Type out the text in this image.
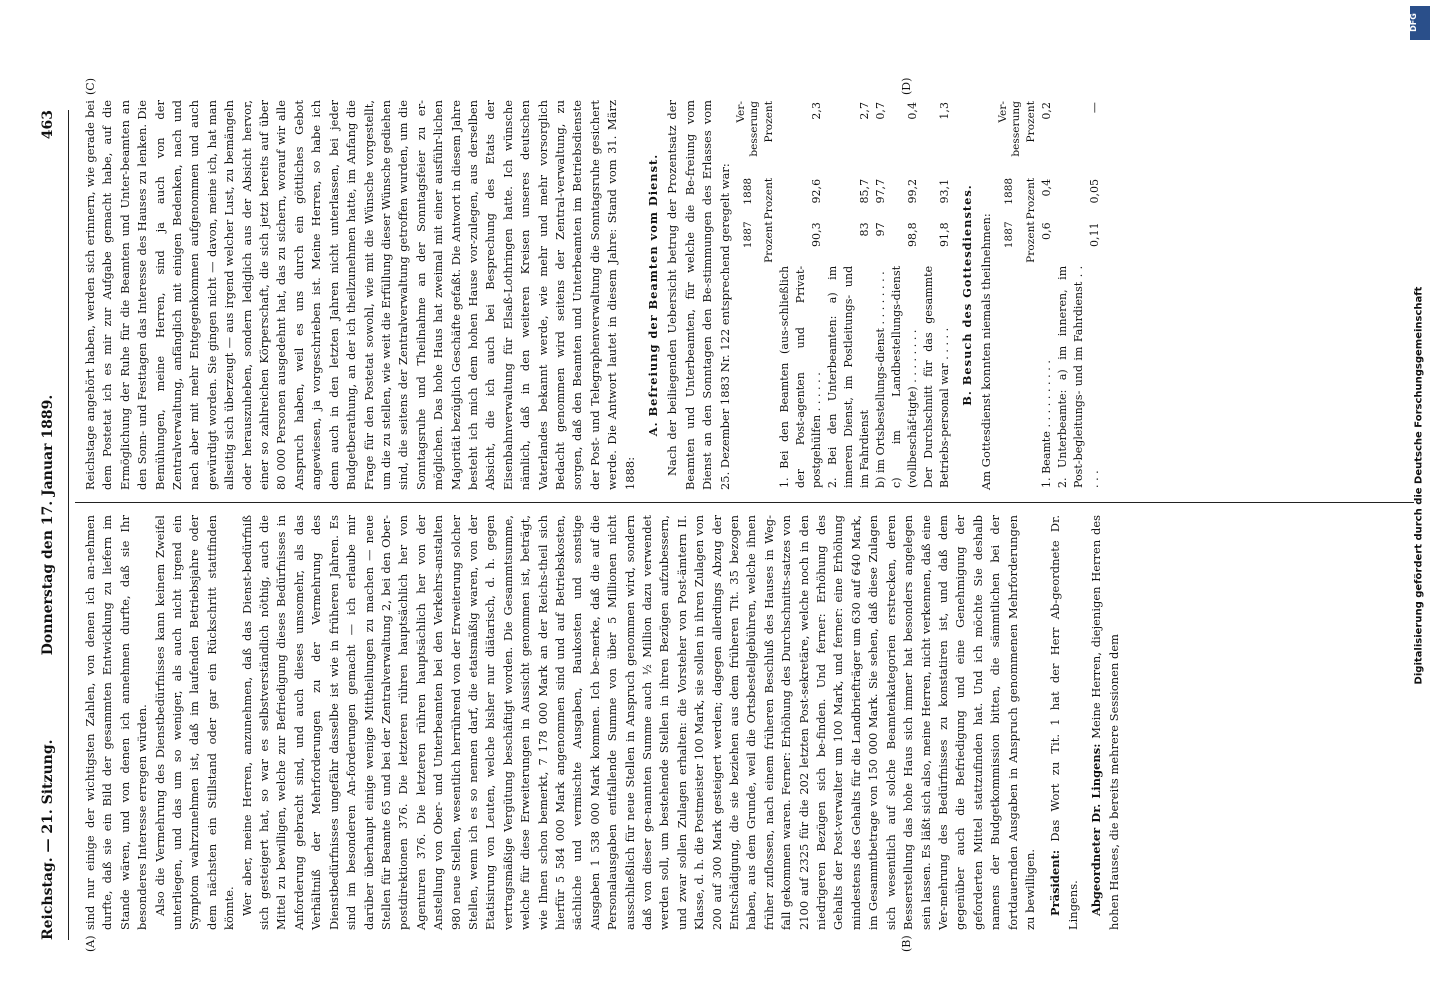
Reichstag. — 21. Sitzung.
Donnerstag den 17. Januar 1889.
463
(A)	(B)
(C)	(D)

sind nur einige der wichtigsten Zahlen, von denen ich an-nehmen durfte, daß sie ein Bild der gesammten Entwicklung zu liefern im Stande wären, und von denen ich annehmen durfte, daß sie Ihr besonderes Interesse erregen würden. Also die Vermehrung des Dienstbedürfnisses kann keinem Zweifel unterliegen, und das um so weniger, als auch nicht irgend ein Symptom wahrzunehmen ist, daß im laufenden Betriebsjahre oder dem nächsten ein Stillstand oder gar ein Rückschritt stattfinden könnte. Wer aber, meine Herren, anzunehmen, daß das Dienst-bedürfniß sich gesteigert hat, so war es selbstverständlich nöthig, auch die Mittel zu bewilligen, welche zur Befriedigung dieses Bedürfnisses in Anforderung gebracht sind, und auch dieses umsomehr, als das Verhältniß der Mehrforderungen zu der Vermehrung des Dienstbedürfnisses ungefähr dasselbe ist wie in früheren Jahren. Es sind im besonderen An-forderungen gemacht — ich erlaube mir darüber überhaupt einige wenige Mittheilungen zu machen — neue Stellen für Beamte 65 und bei der Zentralverwaltung 2, bei den Ober-postdirektionen 376. Die letzteren rühren hauptsächlich her von Agenturen 376. Die letzteren rühren hauptsächlich her von der Anstellung von Ober- und Unterbeamten bei den Verkehrs-anstalten 980 neue Stellen, wesentlich herrührend von der Erweiterung solcher Stellen, wenn ich es so nennen darf, die etatsmäßig waren, von der Etatisirung von Leuten, welche bisher nur diätarisch, d. h. gegen vertragsmäßige Vergütung beschäftigt worden. Die Gesammtsumme, welche für diese Erweiterungen in Aussicht genommen ist, beträgt, wie Ihnen schon bemerkt, 7 178 000 Mark an der Reichs-theil sich hierfür 5 584 000 Mark angenommen sind und auf Betriebskosten, sächliche und vermischte Ausgaben, Baukosten und sonstige Ausgaben 1 538 000 Mark kommen. Ich be-merke, daß die auf die Personalausgaben entfallende Summe von über 5 Millionen nicht ausschließlich für neue Stellen in Anspruch genommen wird, sondern daß von dieser ge-nannten Summe auch ½ Million dazu verwendet werden soll, um bestehende Stellen in ihren Bezügen aufzubessern, und zwar sollen Zulagen erhalten: die Vorsteher von Post-ämtern II. Klasse, d. h. die Postmeister 100 Mark, sie sollen in ihren Zulagen von 200 auf 300 Mark gesteigert werden; dagegen allerdings Abzug der Entschädigung, die sie beziehen aus dem früheren Tit. 35 bezogen haben, aus dem Grunde, weil die Ortsbestellgebühren, welche ihnen früher zuflossen, nach einem früheren Beschluß des Hauses in Weg-fall gekommen waren. Ferner: Erhöhung des Durchschnitts-satzes von 2100 auf 2325 für die 202 letzten Post-sekretäre, welche noch in den niedrigeren Bezügen sich be-finden. Und ferner: Erhöhung des Gehalts der Post-verwalter um 100 Mark, und ferner: eine Erhöhung mindestens des Gehalts für die Landbriefträger um 630 auf 640 Mark, im Gesammtbetrage von 150 000 Mark. Sie sehen, daß diese Zulagen sich wesentlich auf solche Beamtenkategorien erstrecken, deren Besserstellung das hohe Haus sich immer hat besonders angelegen sein lassen. Es läßt sich also, meine Herren, nicht verkennen, daß eine Ver-mehrung des Bedürfnisses zu konstatiren ist, und daß dem gegenüber auch die Befriedigung und eine Genehmigung der geforderten Mittel stattzufinden hat. Und ich möchte Sie deshalb namens der Budgetkommission bitten, die sämmtlichen bei der fortdauernden Ausgaben in Anspruch genommenen Mehrforderungen zu bewilligen. Präsident: Das Wort zu Tit. 1 hat der Herr Ab-geordnete Dr. Lingens. Abgeordneter Dr. Lingens: Meine Herren, diejenigen Herren des hohen Hauses, die bereits mehrere Sessionen dem

Reichstage angehört haben, werden sich erinnern, wie gerade bei dem Postetat ich es mir zur Aufgabe gemacht habe, auf die Ermöglichung der Ruhe für die Beamten und Unter-beamten an den Sonn- und Festtagen das Interesse des Hauses zu lenken. Die Bemühungen, meine Herren, sind ja auch von der Zentralverwaltung, anfänglich mit einigen Bedenken, nach und nach aber mit mehr Entgegenkommen aufgenommen und auch gewürdigt worden. Sie gingen nicht — davon, meine ich, hat man allseitig sich überzeugt — aus irgend welcher Lust, zu bemängeln oder herauszuheben, sondern lediglich aus der Absicht hervor, einer so zahlreichen Körperschaft, die sich jetzt bereits auf über 80 000 Personen ausgedehnt hat, das zu sichern, worauf wir alle Anspruch haben, weil es uns durch ein göttliches Gebot angewiesen, ja vorgeschrieben ist. Meine Herren, so habe ich denn auch in den letzten Jahren nicht unterlassen, bei jeder Budgetberathung, an der ich theilzunehmen hatte, im Anfang die Frage für den Postetat sowohl, wie mit die Wünsche vorgestellt, um die zu stellen, wie weit die Erfüllung dieser Wünsche gediehen sind, die seitens der Zentralverwaltung getroffen wurden, um die Sonntagsruhe und Theilnahme an der Sonntagsfeier zu er-möglichen. Das hohe Haus hat zweimal mit einer ausführ-lichen Majorität bezüglich Geschäfte gefaßt. Die Antwort in diesem Jahre besteht ich mich dem hohen Hause vor-zulegen, aus derselben Absicht, die ich auch bei Besprechung des Etats der Eisenbahnverwaltung für Elsaß-Lothringen hatte. Ich wünsche nämlich, daß in den weiteren Kreisen unseres deutschen Vaterlandes bekannt werde, wie mehr und mehr vorsorglich Bedacht genommen wird seitens der Zentral-verwaltung, zu sorgen, daß den Beamten und Unterbeamten im Betriebsdienste der Post- und Telegraphenverwaltung die Sonntagsruhe gesichert werde. Die Antwort lautet in diesem Jahre: Stand vom 31. März 1888:

A. Befreiung der Beamten vom Dienst. Nach der beiliegenden Uebersicht betrug der Prozentsatz der Beamten und Unterbeamten, für welche die Be-freiung vom Dienst an den Sonntagen den Be-stimmungen des Erlasses vom 25. Dezember 1883 Nr. 122 entsprechend geregelt war:

	1887	1888	Ver-besserung
	Prozent	Prozent	Prozent
1. Bei den Beamten (aus-schließlich der Post-agenten und Privat-postgehülfen . . . . . .	90,3	92,6	2,3
2. Bei den Unterbeamten: a) im inneren Dienst, im Postleitungs- und im Fahrdienst	83	85,7	2,7
b) im Ortsbestellungs-dienst . . . . . . . .	97	97,7	0,7
c) im Landbestellungs-dienst (vollbeschäf-tigte) . . . . . . . .	98,8	99,2	0,4
Der Durchschnitt für das gesammte Betriebs-personal war . . . . .	91,8	93,1	1,3
B. Besuch des Gottesdienstes. Am Gottesdienst konnten niemals theilnehmen:

	1887	1888	Ver-besserung
	Prozent	Prozent	Prozent
1. Beamte . . . . . . . . . .	0,6	0,4	0,2
2. Unterbeamte: a) im inneren, im Post-begleitungs- und im Fahrdienst . . . . .	0,11	0,05	—
DFG
Digitalisierung gefördert durch die Deutsche Forschungsgemeinschaft
